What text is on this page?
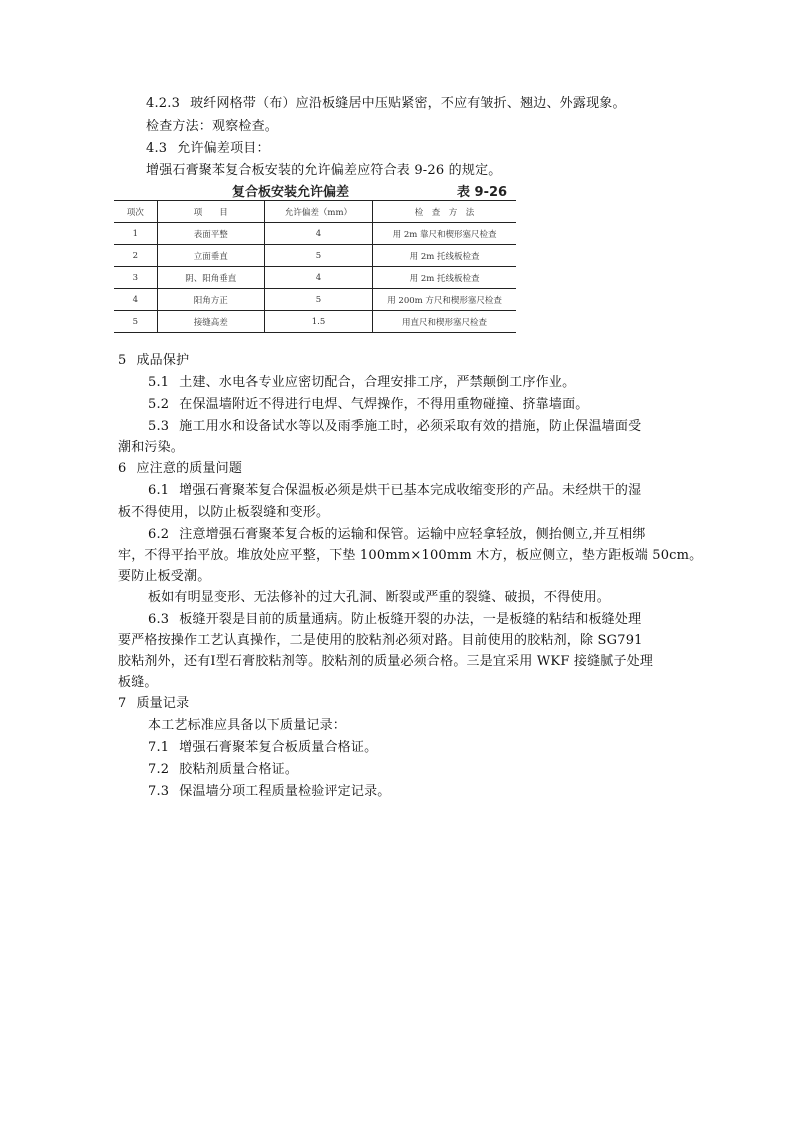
4.2.3 玻纤网格带（布）应沿板缝居中压贴紧密，不应有皱折、翘边、外露现象。
检查方法：观察检查。
4.3 允许偏差项目：
增强石膏聚苯复合板安装的允许偏差应符合表 9-26 的规定。
复合板安装允许偏差	表 9-26
项次	项　　目	允许偏差（mm）	检　查　方　法
1	表面平整	4	用 2m 靠尺和楔形塞尺检查
2	立面垂直	5	用 2m 托线板检查
3	阴、阳角垂直	4	用 2m 托线板检查
4	阳角方正	5	用 200m 方尺和楔形塞尺检查
5	接缝高差	1.5	用直尺和楔形塞尺检查
5 成品保护
5.1 土建、水电各专业应密切配合，合理安排工序，严禁颠倒工序作业。
5.2 在保温墙附近不得进行电焊、气焊操作，不得用重物碰撞、挤靠墙面。
5.3 施工用水和设备试水等以及雨季施工时，必须采取有效的措施，防止保温墙面受
潮和污染。
6 应注意的质量问题
6.1 增强石膏聚苯复合保温板必须是烘干已基本完成收缩变形的产品。未经烘干的湿
板不得使用，以防止板裂缝和变形。
6.2 注意增强石膏聚苯复合板的运输和保管。运输中应轻拿轻放，侧抬侧立,并互相绑
牢，不得平抬平放。堆放处应平整，下垫 100mm×100mm 木方，板应侧立，垫方距板端 50cm。
要防止板受潮。
板如有明显变形、无法修补的过大孔洞、断裂或严重的裂缝、破损，不得使用。
6.3 板缝开裂是目前的质量通病。防止板缝开裂的办法，一是板缝的粘结和板缝处理
要严格按操作工艺认真操作，二是使用的胶粘剂必须对路。目前使用的胶粘剂，除 SG791
胶粘剂外，还有Ⅰ型石膏胶粘剂等。胶粘剂的质量必须合格。三是宜采用 WKF 接缝腻子处理
板缝。
7 质量记录
本工艺标准应具备以下质量记录：
7.1 增强石膏聚苯复合板质量合格证。
7.2 胶粘剂质量合格证。
7.3 保温墙分项工程质量检验评定记录。
